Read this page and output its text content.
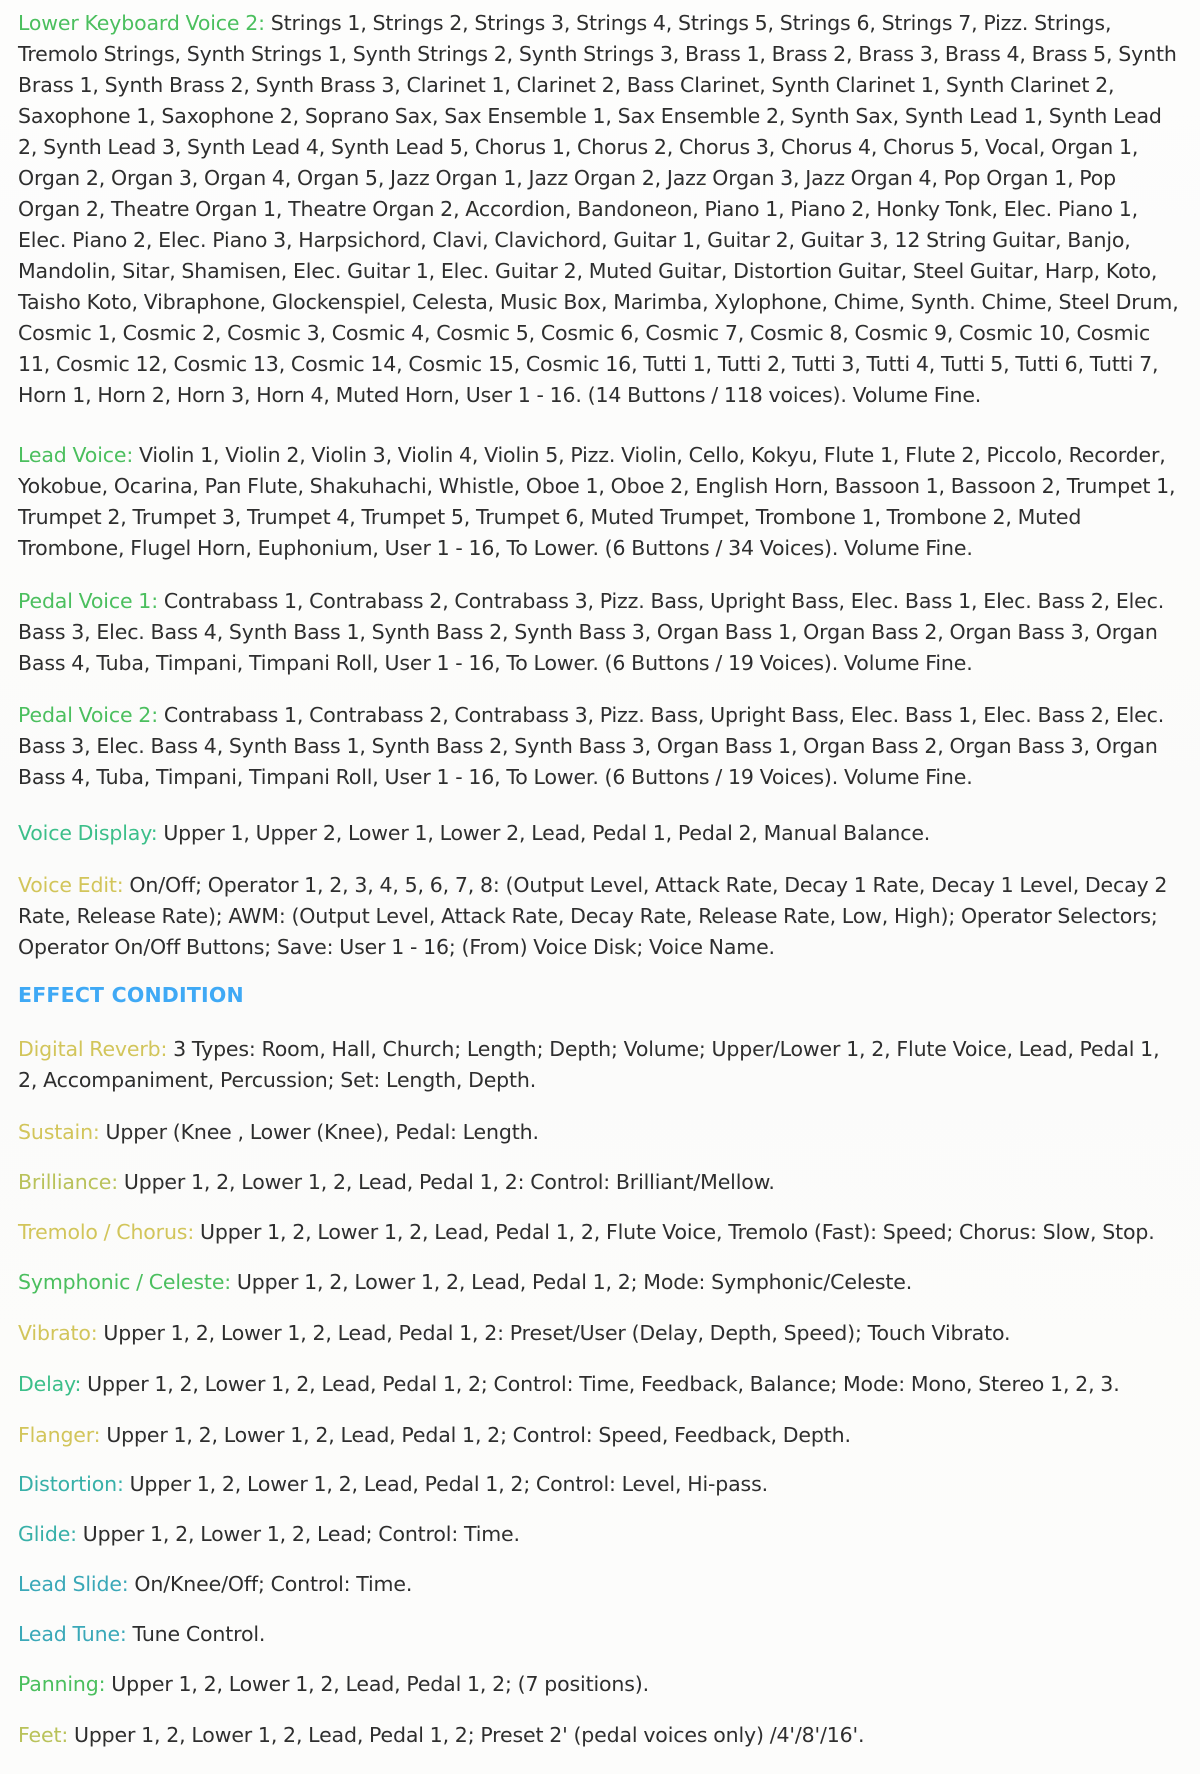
Lower Keyboard Voice 2: Strings 1, Strings 2, Strings 3, Strings 4, Strings 5, Strings 6, Strings 7, Pizz. Strings, Tremolo Strings, Synth Strings 1, Synth Strings 2, Synth Strings 3, Brass 1, Brass 2, Brass 3, Brass 4, Brass 5, Synth Brass 1, Synth Brass 2, Synth Brass 3, Clarinet 1, Clarinet 2, Bass Clarinet, Synth Clarinet 1, Synth Clarinet 2, Saxophone 1, Saxophone 2, Soprano Sax, Sax Ensemble 1, Sax Ensemble 2, Synth Sax, Synth Lead 1, Synth Lead 2, Synth Lead 3, Synth Lead 4, Synth Lead 5, Chorus 1, Chorus 2, Chorus 3, Chorus 4, Chorus 5, Vocal, Organ 1, Organ 2, Organ 3, Organ 4, Organ 5, Jazz Organ 1, Jazz Organ 2, Jazz Organ 3, Jazz Organ 4, Pop Organ 1, Pop Organ 2, Theatre Organ 1, Theatre Organ 2, Accordion, Bandoneon, Piano 1, Piano 2, Honky Tonk, Elec. Piano 1, Elec. Piano 2, Elec. Piano 3, Harpsichord, Clavi, Clavichord, Guitar 1, Guitar 2, Guitar 3, 12 String Guitar, Banjo, Mandolin, Sitar, Shamisen, Elec. Guitar 1, Elec. Guitar 2, Muted Guitar, Distortion Guitar, Steel Guitar, Harp, Koto, Taisho Koto, Vibraphone, Glockenspiel, Celesta, Music Box, Marimba, Xylophone, Chime, Synth. Chime, Steel Drum, Cosmic 1, Cosmic 2, Cosmic 3, Cosmic 4, Cosmic 5, Cosmic 6, Cosmic 7, Cosmic 8, Cosmic 9, Cosmic 10, Cosmic 11, Cosmic 12, Cosmic 13, Cosmic 14, Cosmic 15, Cosmic 16, Tutti 1, Tutti 2, Tutti 3, Tutti 4, Tutti 5, Tutti 6, Tutti 7, Horn 1, Horn 2, Horn 3, Horn 4, Muted Horn, User 1 - 16. (14 Buttons / 118 voices). Volume Fine.

Lead Voice: Violin 1, Violin 2, Violin 3, Violin 4, Violin 5, Pizz. Violin, Cello, Kokyu, Flute 1, Flute 2, Piccolo, Recorder, Yokobue, Ocarina, Pan Flute, Shakuhachi, Whistle, Oboe 1, Oboe 2, English Horn, Bassoon 1, Bassoon 2, Trumpet 1, Trumpet 2, Trumpet 3, Trumpet 4, Trumpet 5, Trumpet 6, Muted Trumpet, Trombone 1, Trombone 2, Muted Trombone, Flugel Horn, Euphonium, User 1 - 16, To Lower. (6 Buttons / 34 Voices). Volume Fine.

Pedal Voice 1: Contrabass 1, Contrabass 2, Contrabass 3, Pizz. Bass, Upright Bass, Elec. Bass 1, Elec. Bass 2, Elec. Bass 3, Elec. Bass 4, Synth Bass 1, Synth Bass 2, Synth Bass 3, Organ Bass 1, Organ Bass 2, Organ Bass 3, Organ Bass 4, Tuba, Timpani, Timpani Roll, User 1 - 16, To Lower. (6 Buttons / 19 Voices). Volume Fine.

Pedal Voice 2: Contrabass 1, Contrabass 2, Contrabass 3, Pizz. Bass, Upright Bass, Elec. Bass 1, Elec. Bass 2, Elec. Bass 3, Elec. Bass 4, Synth Bass 1, Synth Bass 2, Synth Bass 3, Organ Bass 1, Organ Bass 2, Organ Bass 3, Organ Bass 4, Tuba, Timpani, Timpani Roll, User 1 - 16, To Lower. (6 Buttons / 19 Voices). Volume Fine.

Voice Display: Upper 1, Upper 2, Lower 1, Lower 2, Lead, Pedal 1, Pedal 2, Manual Balance.

Voice Edit: On/Off; Operator 1, 2, 3, 4, 5, 6, 7, 8: (Output Level, Attack Rate, Decay 1 Rate, Decay 1 Level, Decay 2 Rate, Release Rate); AWM: (Output Level, Attack Rate, Decay Rate, Release Rate, Low, High); Operator Selectors; Operator On/Off Buttons; Save: User 1 - 16; (From) Voice Disk; Voice Name.

EFFECT CONDITION

Digital Reverb: 3 Types: Room, Hall, Church; Length; Depth; Volume; Upper/Lower 1, 2, Flute Voice, Lead, Pedal 1, 2, Accompaniment, Percussion; Set: Length, Depth.

Sustain: Upper (Knee , Lower (Knee), Pedal: Length.

Brilliance: Upper 1, 2, Lower 1, 2, Lead, Pedal 1, 2: Control: Brilliant/Mellow.

Tremolo / Chorus: Upper 1, 2, Lower 1, 2, Lead, Pedal 1, 2, Flute Voice, Tremolo (Fast): Speed; Chorus: Slow, Stop.

Symphonic / Celeste: Upper 1, 2, Lower 1, 2, Lead, Pedal 1, 2; Mode: Symphonic/Celeste.

Vibrato: Upper 1, 2, Lower 1, 2, Lead, Pedal 1, 2: Preset/User (Delay, Depth, Speed); Touch Vibrato.

Delay: Upper 1, 2, Lower 1, 2, Lead, Pedal 1, 2; Control: Time, Feedback, Balance; Mode: Mono, Stereo 1, 2, 3.

Flanger: Upper 1, 2, Lower 1, 2, Lead, Pedal 1, 2; Control: Speed, Feedback, Depth.

Distortion: Upper 1, 2, Lower 1, 2, Lead, Pedal 1, 2; Control: Level, Hi-pass.

Glide: Upper 1, 2, Lower 1, 2, Lead; Control: Time.

Lead Slide: On/Knee/Off; Control: Time.

Lead Tune: Tune Control.

Panning: Upper 1, 2, Lower 1, 2, Lead, Pedal 1, 2; (7 positions).

Feet: Upper 1, 2, Lower 1, 2, Lead, Pedal 1, 2; Preset 2' (pedal voices only) /4'/8'/16'.
